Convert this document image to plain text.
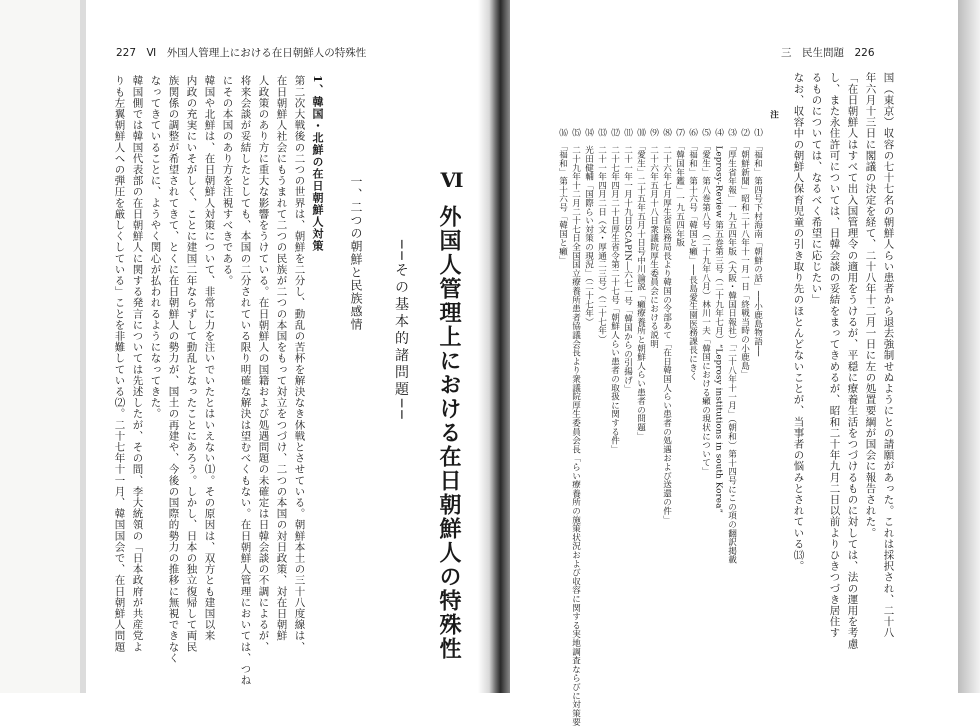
227　Ⅵ　外国人管理上における在日朝鮮人の特殊性
Ⅵ
外国人管理上における在日朝鮮人の特殊性
──その基本的諸問題──
一、二つの朝鮮と民族感情
1、韓国・北鮮の在日朝鮮人対策
第二次大戦後の二つの世界は、朝鮮を二分し、動乱の苦杯を解決なき休戦とさせている。朝鮮本土の三十八度線は、
在日朝鮮人社会にもうまれて二つの民族が二つの本国をもって対立をつづけ、二つの本国の対日政策、対在日朝鮮
人政策のあり方に重大な影響をうけている。在日朝鮮人の国籍および処遇問題の未確定は日韓会談の不調によるが、
将来会談が妥結したとしても、本国の二分されている限り明確な解決は望むべくもない。在日朝鮮人管理においては、つね
にその本国のあり方を注視すべきである。
韓国や北鮮は、在日朝鮮人対策について、非常に力を注いでいたとはいえない⑴。その原因は、双方とも建国以来
内政の充実にいそがしく、ことに建国二年ならずして動乱となったことにあろう。しかし、日本の独立復帰して両民
族関係の調整が希望されてきて、とくに在日朝鮮人の勢力が、国土の再建や、今後の国際的勢力の推移に無視できなく
なってきていることに、ようやく関心が払われるようになってきた。
韓国側では韓国代表部の在日朝鮮人に関する発言については先述したが、その間、李大統領の「日本政府が共産党よ
りも左翼朝鮮人への弾圧を厳しくしている」ことを非難している⑵。二十七年十一月、韓国国会で、在日朝鮮人問題
三　民生問題　226
国（東京）収容の七十七名の朝鮮人らい患者から退去強制せぬようにとの請願があった。これは採択され、二十八
年六月十三日に閣議の決定を経て、二十八年十二月一日に左の処置要綱が国会に報告された。
「在日朝鮮人はすべて出入国管理令の適用をうけるが、平穏に療養生活をつづけるものに対しては、法の運用を考慮
し、また永住許可については、日韓会談の妥結をまってきめるが、昭和二十年九月二日以前よりひきつづき居住す
るものについては、なるべく希望に応じたい」
なお、収容中の朝鮮人保育児童の引き取り先のほとんどないことが、当事者の悩みとされている⒀。
注
⑴　「福和」第四号下村海南「朝鮮の話」──小鹿島物語──
⑵　「朝鮮新聞」昭和二十八年十一月一日「終戦当時の小鹿島」
⑶　「厚生省年報」一九五四年版（大阪・韓国日報社）「二十八年十一月」（朝和）第十四号にこの項の翻訳掲載
⑷　Leprosy-Review 第五巻第三号（二十九年七月）“Leprosy institutions in south Korea”
⑸　「愛生」第八巻第八号（二十九年八月）林川一夫「韓国における癩の現状について」
⑹　「福和」第十六号「韓国と癩」──長島愛生園医務課長にきく
⑺　「韓国年鑑」一九五四年版
⑻　二十六年七月厚生省医務局長より韓国の令部あて「在日韓国人らい患者の処遇および送還の件」
⑼　二十六年五月十八日衆議院厚生委員会における説明
⑽　「愛生」二十五年五月十日号中川論説「癩療養所と朝鮮人らい患者の問題」
⑾　二十一年一月十九日SCAPIN―六七一号「韓国からの引揚げ」
⑿　二十七年四月二十日厚生省令第二十七号「朝鮮人らい患者の取扱に関する件」
⒀　二十一年四月二日（文・厚通二三号）（二十七年）
⒁　光田健輔「国際らい対策の現況」（二十七年）
⒂　二十九年十二月二十七日全国国立療養所患者協議会長より衆議院厚生委員会長「らい療養所の施策状況および収容に関する実地調査ならびに対策要
⒃　「福和」第十六号「韓国と癩」
